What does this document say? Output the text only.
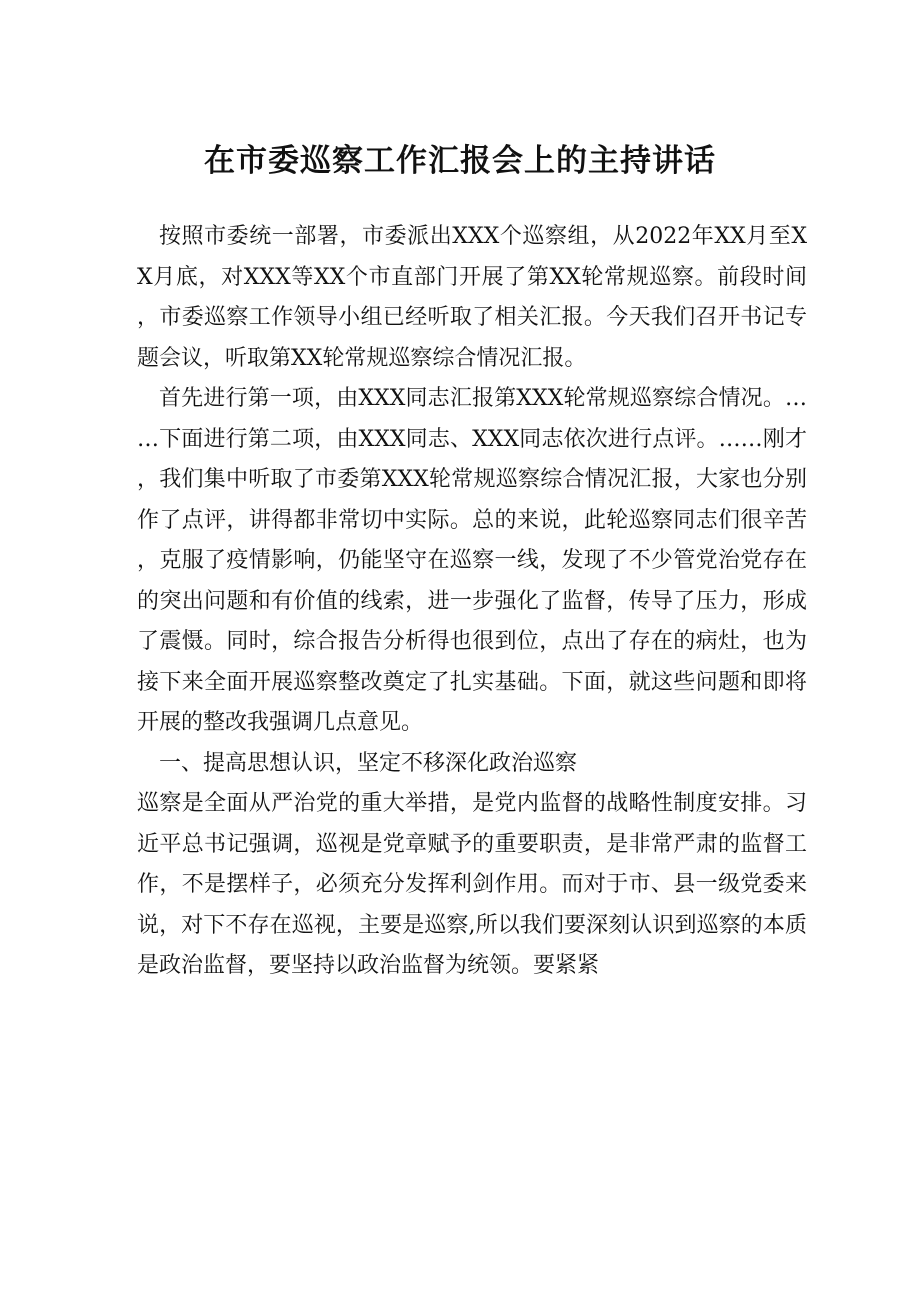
在市委巡察工作汇报会上的主持讲话

按照市委统一部署，市委派出XXX个巡察组，从2022年XX月至XX月底，对XXX等XX个市直部门开展了第XX轮常规巡察。前段时间，市委巡察工作领导小组已经听取了相关汇报。今天我们召开书记专题会议，听取第XX轮常规巡察综合情况汇报。

首先进行第一项，由XXX同志汇报第XXX轮常规巡察综合情况。……下面进行第二项，由XXX同志、XXX同志依次进行点评。……刚才，我们集中听取了市委第XXX轮常规巡察综合情况汇报，大家也分别作了点评，讲得都非常切中实际。总的来说，此轮巡察同志们很辛苦，克服了疫情影响，仍能坚守在巡察一线，发现了不少管党治党存在的突出问题和有价值的线索，进一步强化了监督，传导了压力，形成了震慑。同时，综合报告分析得也很到位，点出了存在的病灶，也为接下来全面开展巡察整改奠定了扎实基础。下面，就这些问题和即将开展的整改我强调几点意见。

一、提高思想认识，坚定不移深化政治巡察

巡察是全面从严治党的重大举措，是党内监督的战略性制度安排。习近平总书记强调，巡视是党章赋予的重要职责，是非常严肃的监督工作，不是摆样子，必须充分发挥利剑作用。而对于市、县一级党委来说，对下不存在巡视，主要是巡察,所以我们要深刻认识到巡察的本质是政治监督，要坚持以政治监督为统领。要紧紧
